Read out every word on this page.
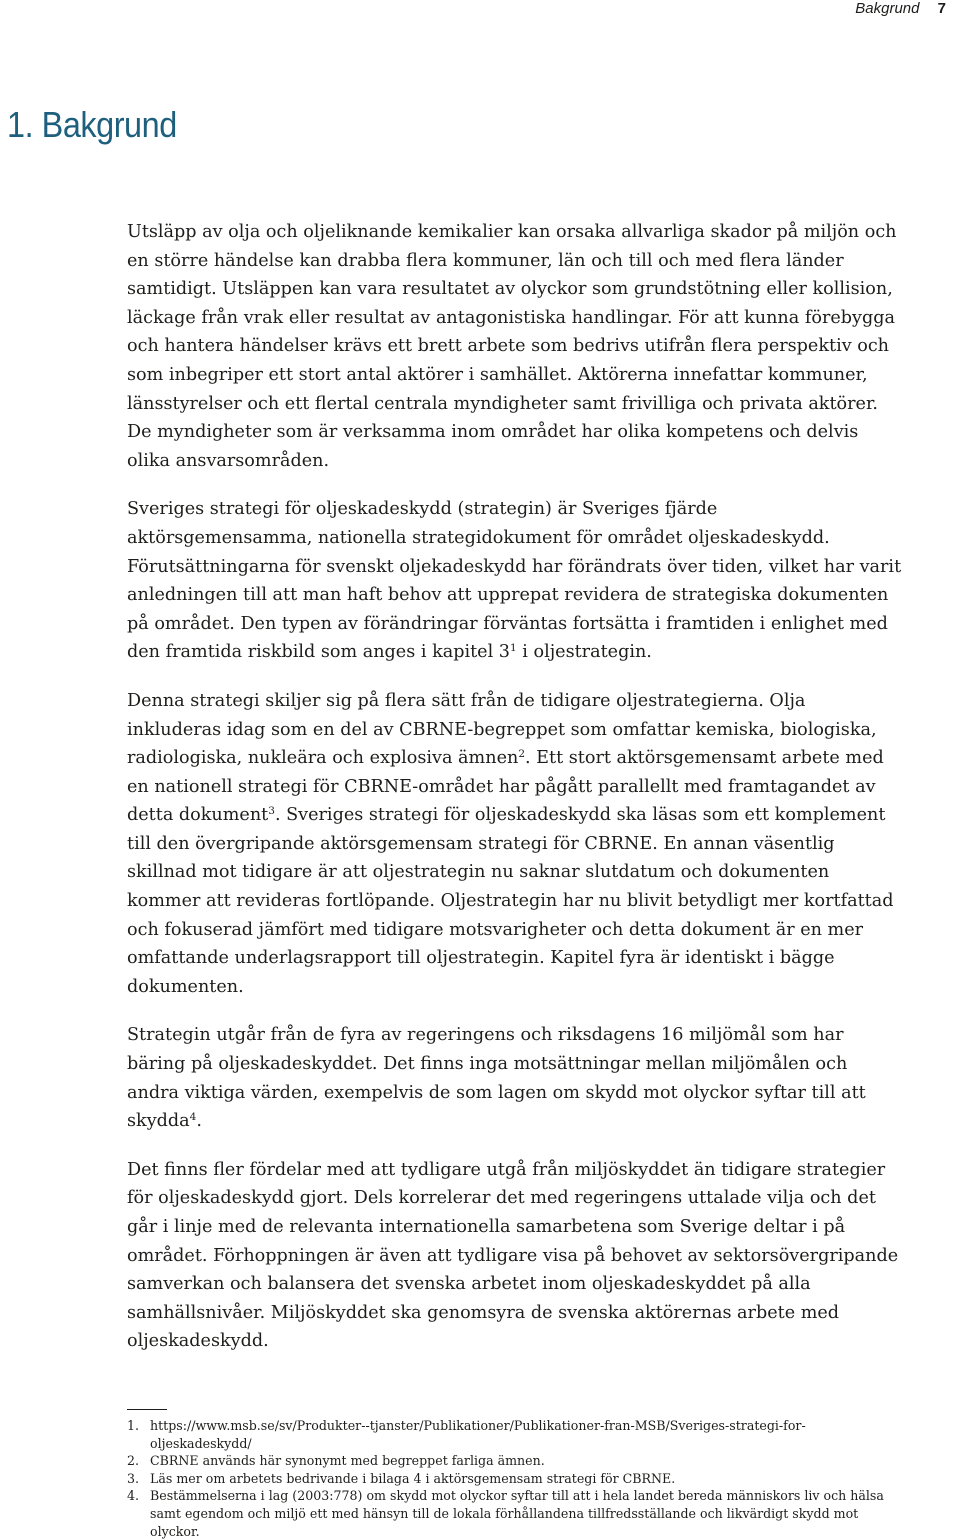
Bakgrund 7
1. Bakgrund

Utsläpp av olja och oljeliknande kemikalier kan orsaka allvarliga skador på miljön och en större händelse kan drabba flera kommuner, län och till och med flera länder samtidigt. Utsläppen kan vara resultatet av olyckor som grundstötning eller kollision, läckage från vrak eller resultat av antagonistiska handlingar. För att kunna förebygga och hantera händelser krävs ett brett arbete som bedrivs utifrån flera perspektiv och som inbegriper ett stort antal aktörer i samhället. Aktörerna innefattar kommuner, länsstyrelser och ett flertal centrala myndigheter samt frivilliga och privata aktörer. De myndigheter som är verksamma inom området har olika kompetens och delvis olika ansvarsområden.

Sveriges strategi för oljeskadeskydd (strategin) är Sveriges fjärde aktörsgemensamma, nationella strategidokument för området oljeskadeskydd. Förutsättningarna för svenskt oljekadeskydd har förändrats över tiden, vilket har varit anledningen till att man haft behov att upprepat revidera de strategiska dokumenten på området. Den typen av förändringar förväntas fortsätta i framtiden i enlighet med den framtida riskbild som anges i kapitel $3^1$ i oljestrategin.

Denna strategi skiljer sig på flera sätt från de tidigare oljestrategierna. Olja inkluderas idag som en del av CBRNE-begreppet som omfattar kemiska, biologiska, radiologiska, nukleära och explosiva ämnen$^2$. Ett stort aktörsgemensamt arbete med en nationell strategi för CBRNE-området har pågått parallellt med framtagandet av detta dokument$^3$. Sveriges strategi för oljeskadeskydd ska läsas som ett komplement till den övergripande aktörsgemensam strategi för CBRNE. En annan väsentlig skillnad mot tidigare är att oljestrategin nu saknar slutdatum och dokumenten kommer att revideras fortlöpande. Oljestrategin har nu blivit betydligt mer kortfattad och fokuserad jämfört med tidigare motsvarigheter och detta dokument är en mer omfattande underlagsrapport till oljestrategin. Kapitel fyra är identiskt i bägge dokumenten.

Strategin utgår från de fyra av regeringens och riksdagens 16 miljömål som har bäring på oljeskadeskyddet. Det finns inga motsättningar mellan miljömålen och andra viktiga värden, exempelvis de som lagen om skydd mot olyckor syftar till att skydda$^4$.

Det finns fler fördelar med att tydligare utgå från miljöskyddet än tidigare strategier för oljeskadeskydd gjort. Dels korrelerar det med regeringens uttalade vilja och det går i linje med de relevanta internationella samarbetena som Sverige deltar i på området. Förhoppningen är även att tydligare visa på behovet av sektorsövergripande samverkan och balansera det svenska arbetet inom oljeskadeskyddet på alla samhällsnivåer. Miljöskyddet ska genomsyra de svenska aktörernas arbete med oljeskadeskydd.

1. https://www.msb.se/sv/Produkter--tjanster/Publikationer/Publikationer-fran-MSB/Sveriges-strategi-for-oljeskadeskydd/
2. CBRNE används här synonymt med begreppet farliga ämnen.
3. Läs mer om arbetets bedrivande i bilaga 4 i aktörsgemensam strategi för CBRNE.
4. Bestämmelserna i lag (2003:778) om skydd mot olyckor syftar till att i hela landet bereda människors liv och hälsa samt egendom och miljö ett med hänsyn till de lokala förhållandena tillfredsställande och likvärdigt skydd mot olyckor.
